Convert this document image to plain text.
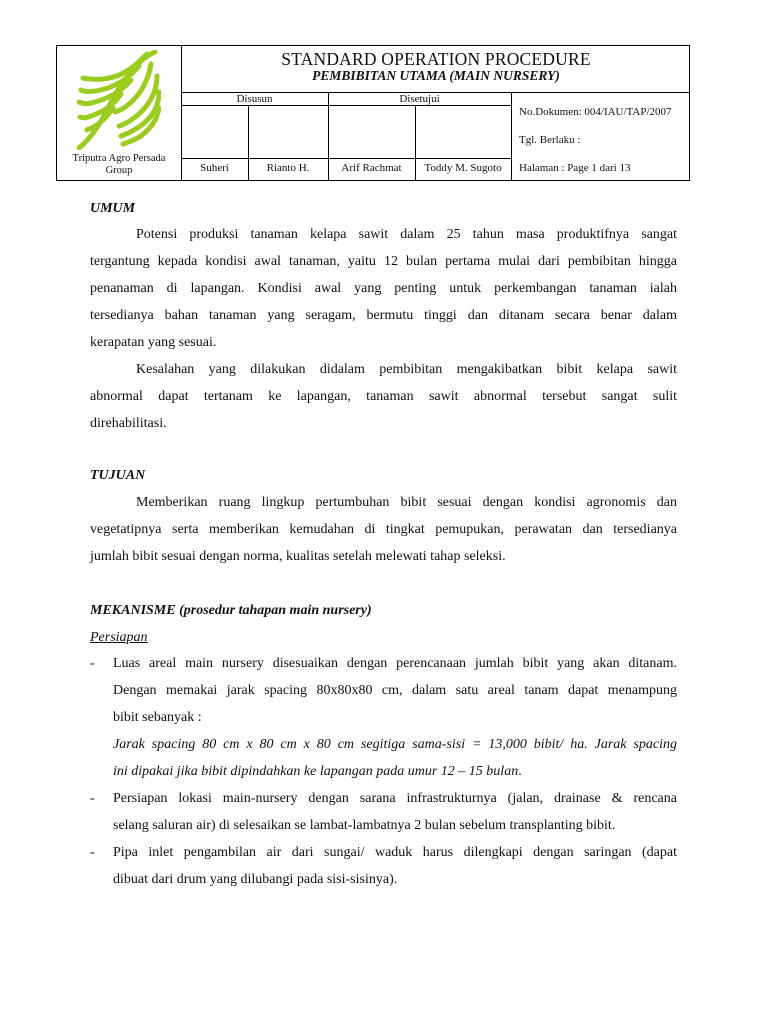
Triputra Agro Persada
Group
STANDARD OPERATION PROCEDURE
PEMBIBITAN UTAMA (MAIN NURSERY)
Disusun	Disetujui
Suheri	Rianto H.	Arif Rachmat	Toddy M. Sugoto
No.Dokumen: 004/IAU/TAP/2007
Tgl. Berlaku :
Halaman : Page 1 dari 13
UMUM
Potensi produksi tanaman kelapa sawit dalam 25 tahun masa produktifnya sangat
tergantung kepada kondisi awal tanaman, yaitu 12 bulan pertama mulai dari pembibitan hingga
penanaman di lapangan. Kondisi awal yang penting untuk perkembangan tanaman ialah
tersedianya bahan tanaman yang seragam, bermutu tinggi dan ditanam secara benar dalam
kerapatan yang sesuai.
Kesalahan yang dilakukan didalam pembibitan mengakibatkan bibit kelapa sawit
abnormal dapat tertanam ke lapangan, tanaman sawit abnormal tersebut sangat sulit
direhabilitasi.
TUJUAN
Memberikan ruang lingkup pertumbuhan bibit sesuai dengan kondisi agronomis dan
vegetatipnya serta memberikan kemudahan di tingkat pemupukan, perawatan dan tersedianya
jumlah bibit sesuai dengan norma, kualitas setelah melewati tahap seleksi.
MEKANISME (prosedur tahapan main nursery)
Persiapan
- Luas areal main nursery disesuaikan dengan perencanaan jumlah bibit yang akan ditanam.
Dengan memakai jarak spacing 80x80x80 cm, dalam satu areal tanam dapat menampung
bibit sebanyak :
Jarak spacing 80 cm x 80 cm x 80 cm segitiga sama-sisi = 13,000 bibit/ ha. Jarak spacing
ini dipakai jika bibit dipindahkan ke lapangan pada umur 12 – 15 bulan.
- Persiapan lokasi main-nursery dengan sarana infrastrukturnya (jalan, drainase & rencana
selang saluran air) di selesaikan se lambat-lambatnya 2 bulan sebelum transplanting bibit.
- Pipa inlet pengambilan air dari sungai/ waduk harus dilengkapi dengan saringan (dapat
dibuat dari drum yang dilubangi pada sisi-sisinya).
